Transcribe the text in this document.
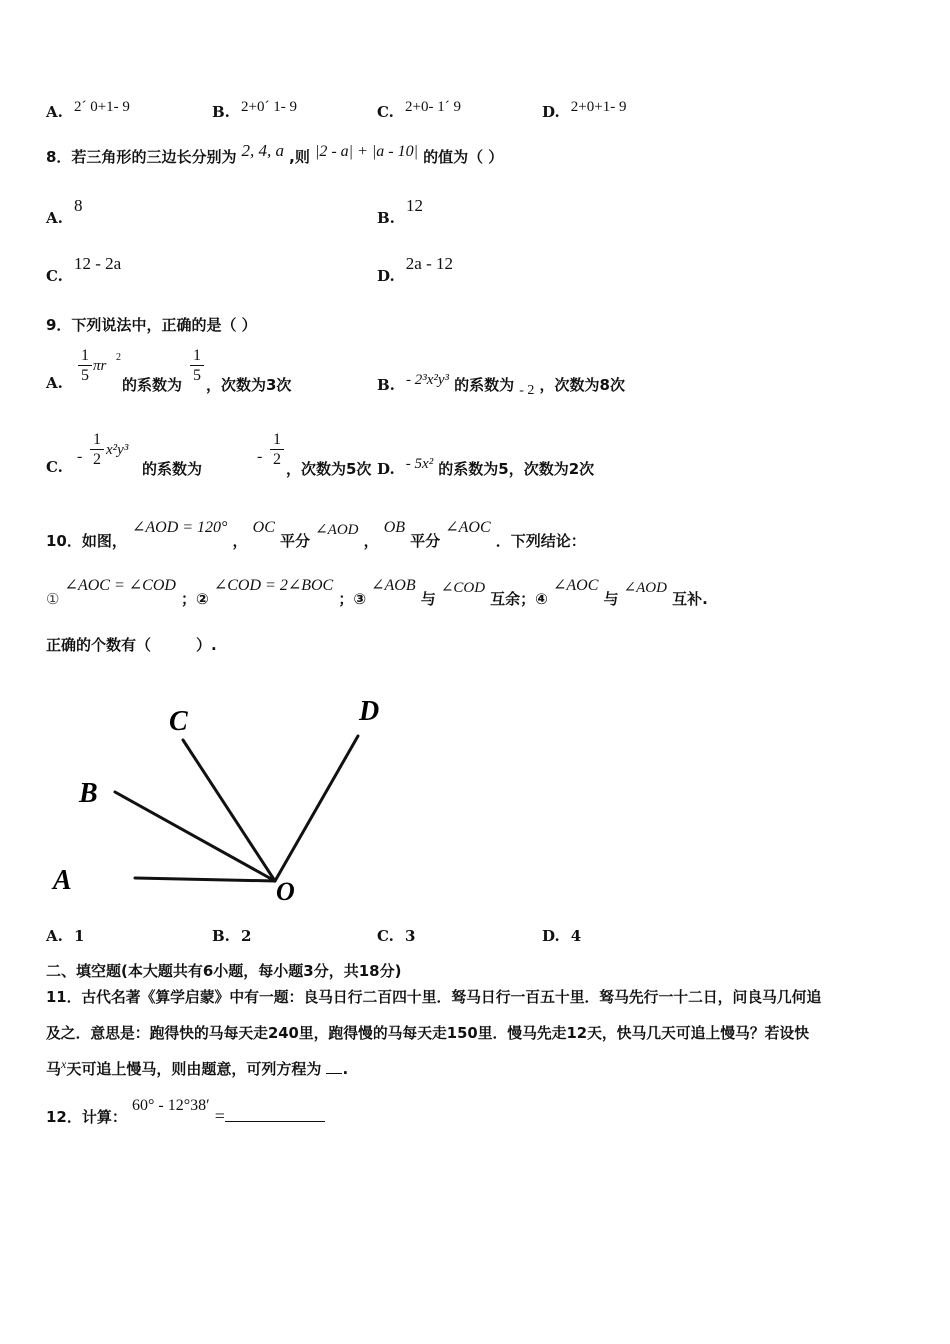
A. 2´ 0+1- 9	B. 2+0´ 1- 9	C. 2+0- 1´ 9	D. 2+0+1- 9
8．若三角形的三边长分别为 2, 4, a ,则 |2 - a| + |a - 10| 的值为（ ）
A. 8
B. 12
C. 12 - 2a
D. 2a - 12
9．下列说法中，正确的是（ ）
A.
1
5
πr
2
的系数为
1
5
，次数为3次	B. - 2³x²y³ 的系数为 - 2 ，次数为8次
C.
-
1
2
x²y³
的系数为
-
1
2
，次数为5次 D. - 5x² 的系数为5，次数为2次
10．如图， ∠AOD = 120° ， OC 平分 ∠AOD ， OB 平分 ∠AOC ．下列结论：
① ∠AOC = ∠COD ；② ∠COD = 2∠BOC ；③ ∠AOB 与 ∠COD 互余；④ ∠AOC 与 ∠AOD 互补.
正确的个数有（　　　）.
C	D
B
A	O
A. 1	B. 2	C. 3	D. 4
二、填空题(本大题共有6小题，每小题3分，共18分)
11．古代名著《算学启蒙》中有一题：良马日行二百四十里．驽马日行一百五十里．驽马先行一十二日，问良马几何追
及之．意思是：跑得快的马每天走240里，跑得慢的马每天走150里．慢马先走12天，快马几天可追上慢马？若设快
马$^x$天可追上慢马，则由题意，可列方程为 .
12．计算： 60° - 12°38′ =
